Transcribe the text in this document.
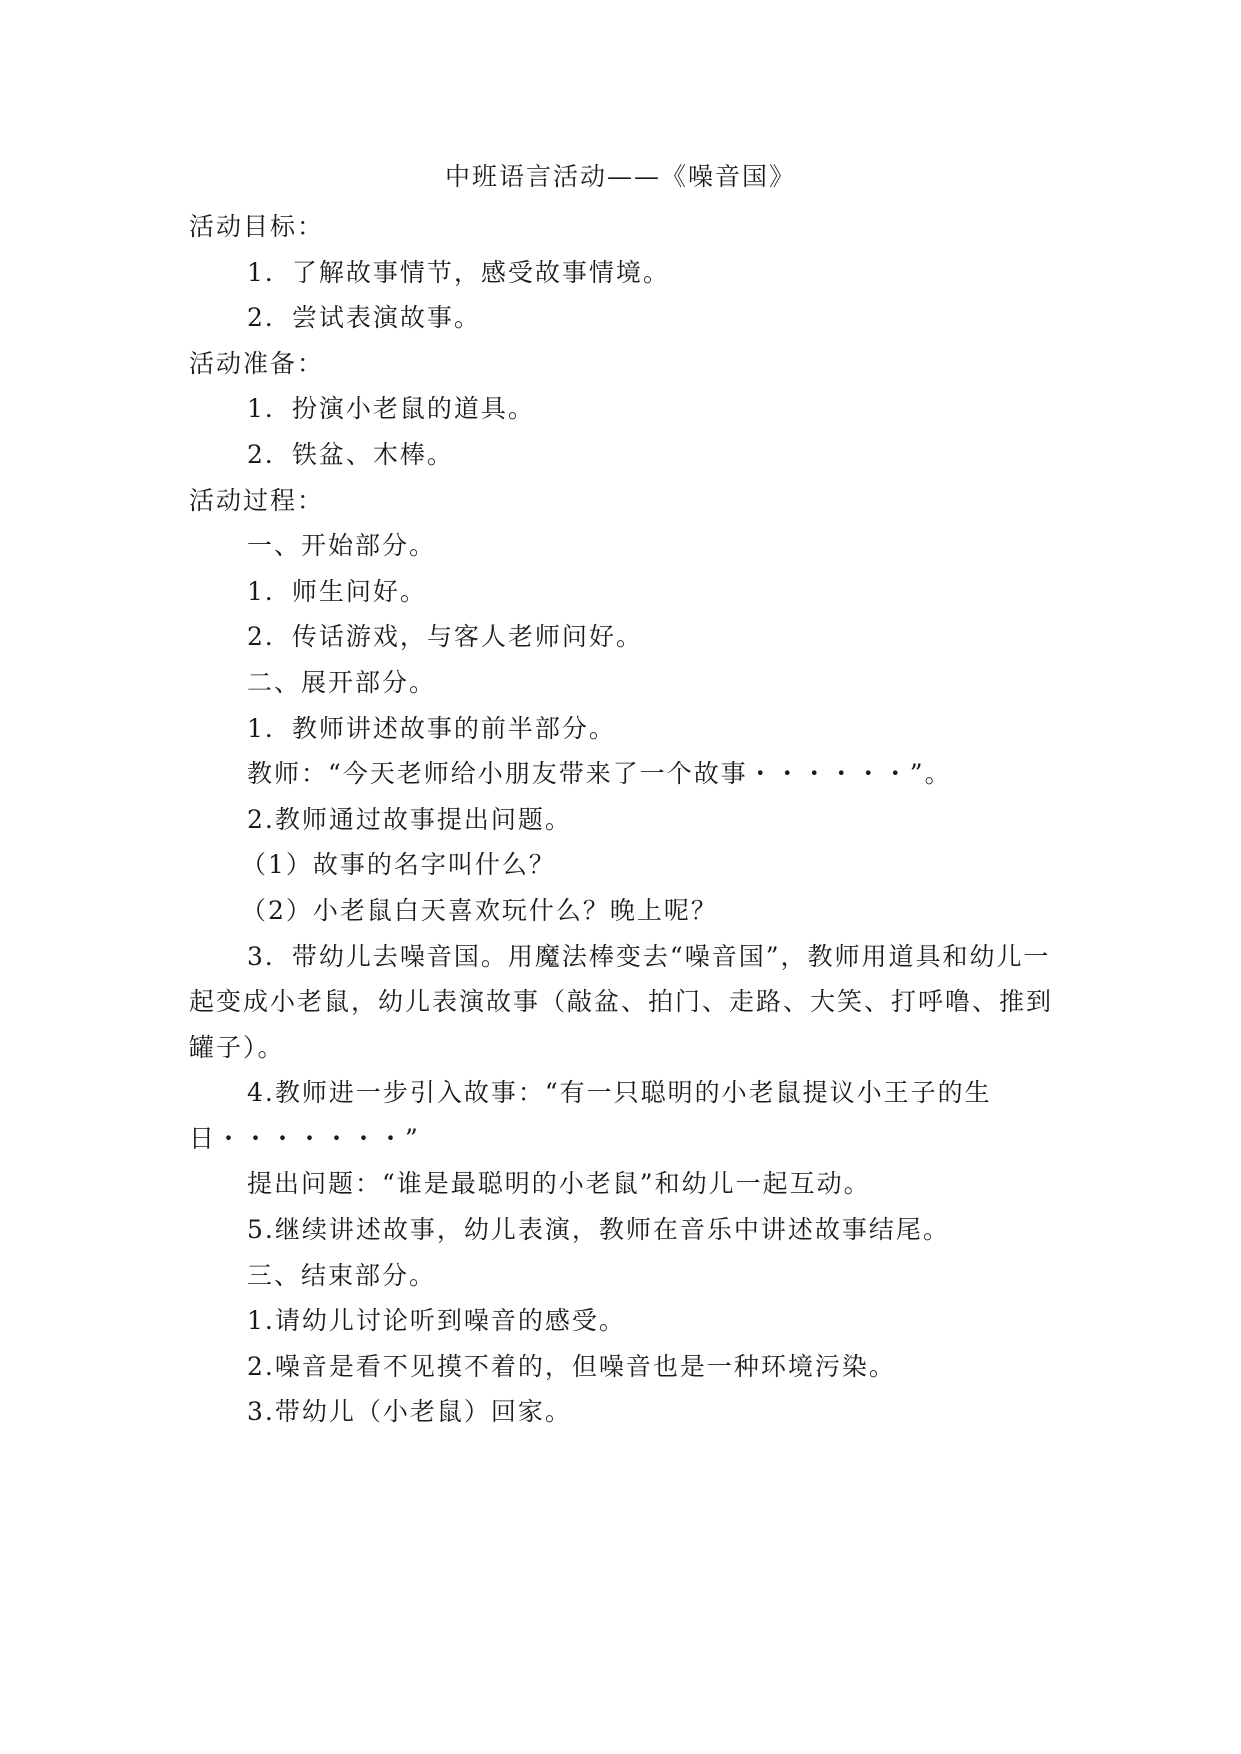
中班语言活动——《噪音国》

活动目标：

1．了解故事情节，感受故事情境。

2．尝试表演故事。

活动准备：

1．扮演小老鼠的道具。

2．铁盆、木棒。

活动过程：

一、开始部分。

1．师生问好。

2．传话游戏，与客人老师问好。

二、展开部分。

1．教师讲述故事的前半部分。

教师：“今天老师给小朋友带来了一个故事・・・・・・”。

2.教师通过故事提出问题。

（1）故事的名字叫什么？

（2）小老鼠白天喜欢玩什么？晚上呢？

3．带幼儿去噪音国。用魔法棒变去“噪音国”，教师用道具和幼儿一起变成小老鼠，幼儿表演故事（敲盆、拍门、走路、大笑、打呼噜、推到罐子）。

4.教师进一步引入故事：“有一只聪明的小老鼠提议小王子的生日・・・・・・・”

提出问题：“谁是最聪明的小老鼠”和幼儿一起互动。

5.继续讲述故事，幼儿表演，教师在音乐中讲述故事结尾。

三、结束部分。

1.请幼儿讨论听到噪音的感受。

2.噪音是看不见摸不着的，但噪音也是一种环境污染。

3.带幼儿（小老鼠）回家。
